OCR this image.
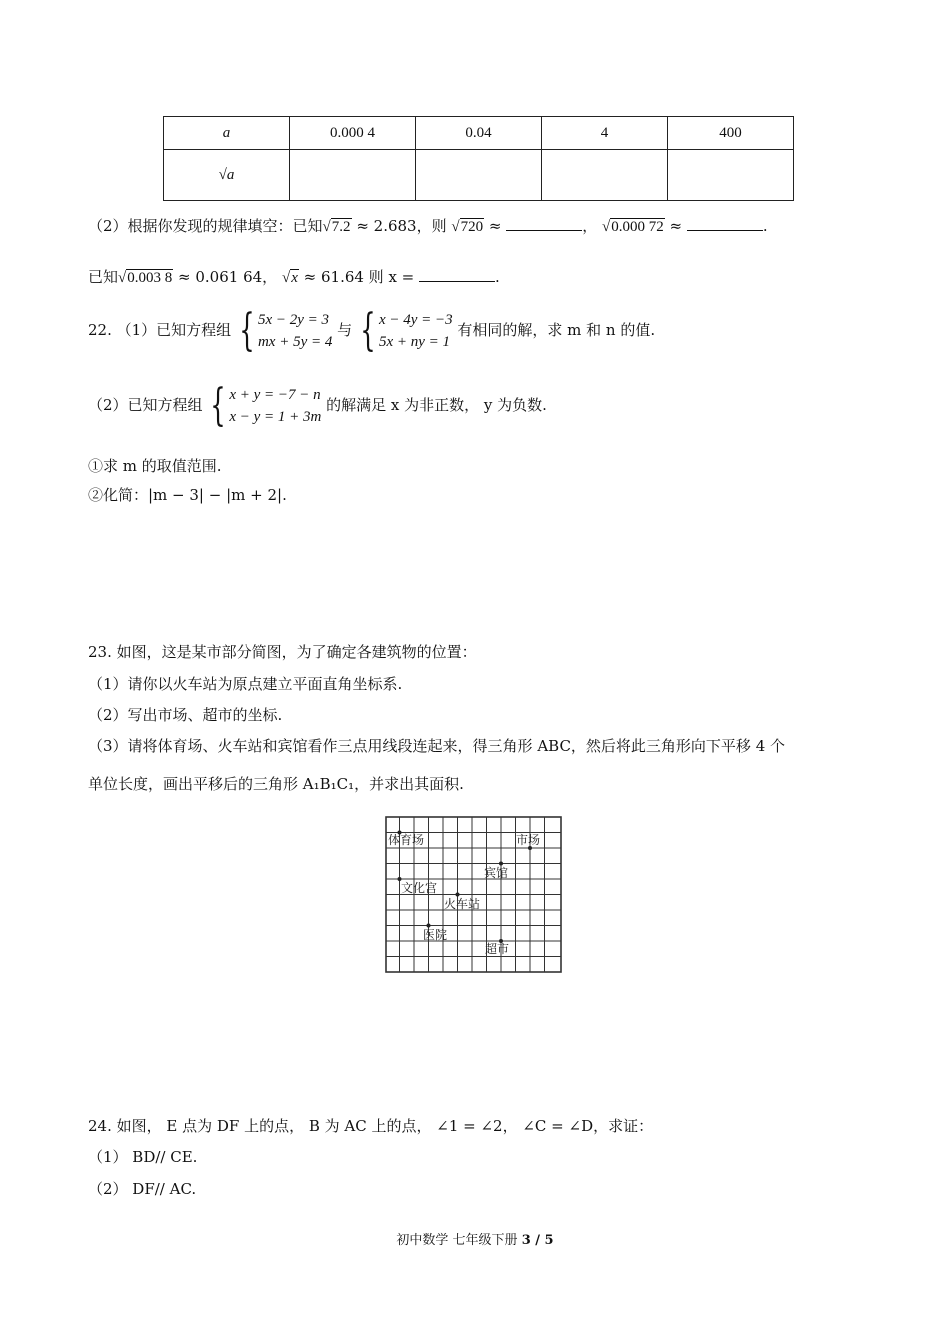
a	0.000 4	0.04	4	400
√a				
（2）根据你发现的规律填空：已知√7.2 ≈ 2.683，则 √720 ≈	， √0.000 72 ≈	.
已知√0.003 8 ≈ 0.061 64， √x ≈ 61.64 则 x =	.
22. （1）已知方程组 { 5x − 2y = 3
mx + 5y = 4
与 { x − 4y = −3
5x + ny = 1
有相同的解，求 m 和 n 的值.
（2）已知方程组 { x + y = −7 − n
x − y = 1 + 3m
的解满足 x 为非正数， y 为负数.
①求 m 的取值范围.
②化简：|m − 3| − |m + 2|.
23. 如图，这是某市部分简图，为了确定各建筑物的位置：
（1）请你以火车站为原点建立平面直角坐标系.
（2）写出市场、超市的坐标.
（3）请将体育场、火车站和宾馆看作三点用线段连起来，得三角形 ABC，然后将此三角形向下平移 4 个
单位长度，画出平移后的三角形 A₁B₁C₁，并求出其面积.
体育场	市场
宾馆
文化宫
火车站
医院
超市
24. 如图， E 点为 DF 上的点， B 为 AC 上的点， ∠1 = ∠2， ∠C = ∠D，求证：
（1） BD// CE.
（2） DF// AC.
初中数学 七年级下册 3 / 5
